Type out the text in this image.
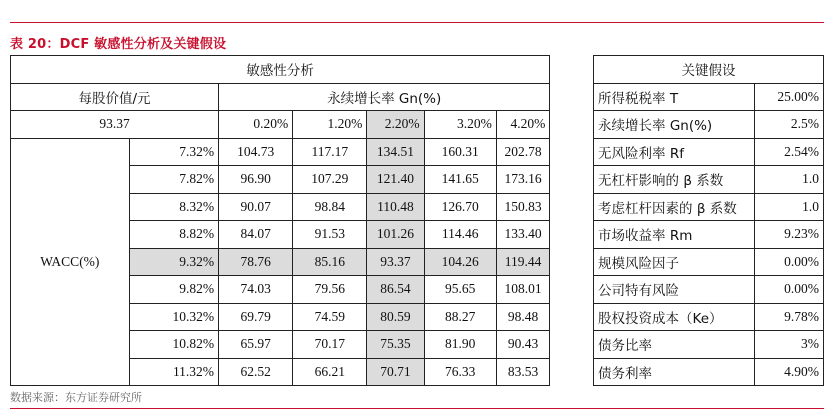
表 20：DCF 敏感性分析及关键假设
敏感性分析								关键假设	
每股价值/元		永续增长率 Gn(%)						所得税税率 T	25.00%
93.37		0.20%	1.20%	2.20%	3.20%	4.20%		永续增长率 Gn(%)	2.5%
WACC(%)	7.32%	104.73	117.17	134.51	160.31	202.78		无风险利率 Rf	2.54%
	7.82%	96.90	107.29	121.40	141.65	173.16		无杠杆影响的 β 系数	1.0
	8.32%	90.07	98.84	110.48	126.70	150.83		考虑杠杆因素的 β 系数	1.0
	8.82%	84.07	91.53	101.26	114.46	133.40		市场收益率 Rm	9.23%
	9.32%	78.76	85.16	93.37	104.26	119.44		规模风险因子	0.00%
	9.82%	74.03	79.56	86.54	95.65	108.01		公司特有风险	0.00%
	10.32%	69.79	74.59	80.59	88.27	98.48		股权投资成本（Ke）	9.78%
	10.82%	65.97	70.17	75.35	81.90	90.43		债务比率	3%
	11.32%	62.52	66.21	70.71	76.33	83.53		债务利率	4.90%
数据来源：东方证券研究所
